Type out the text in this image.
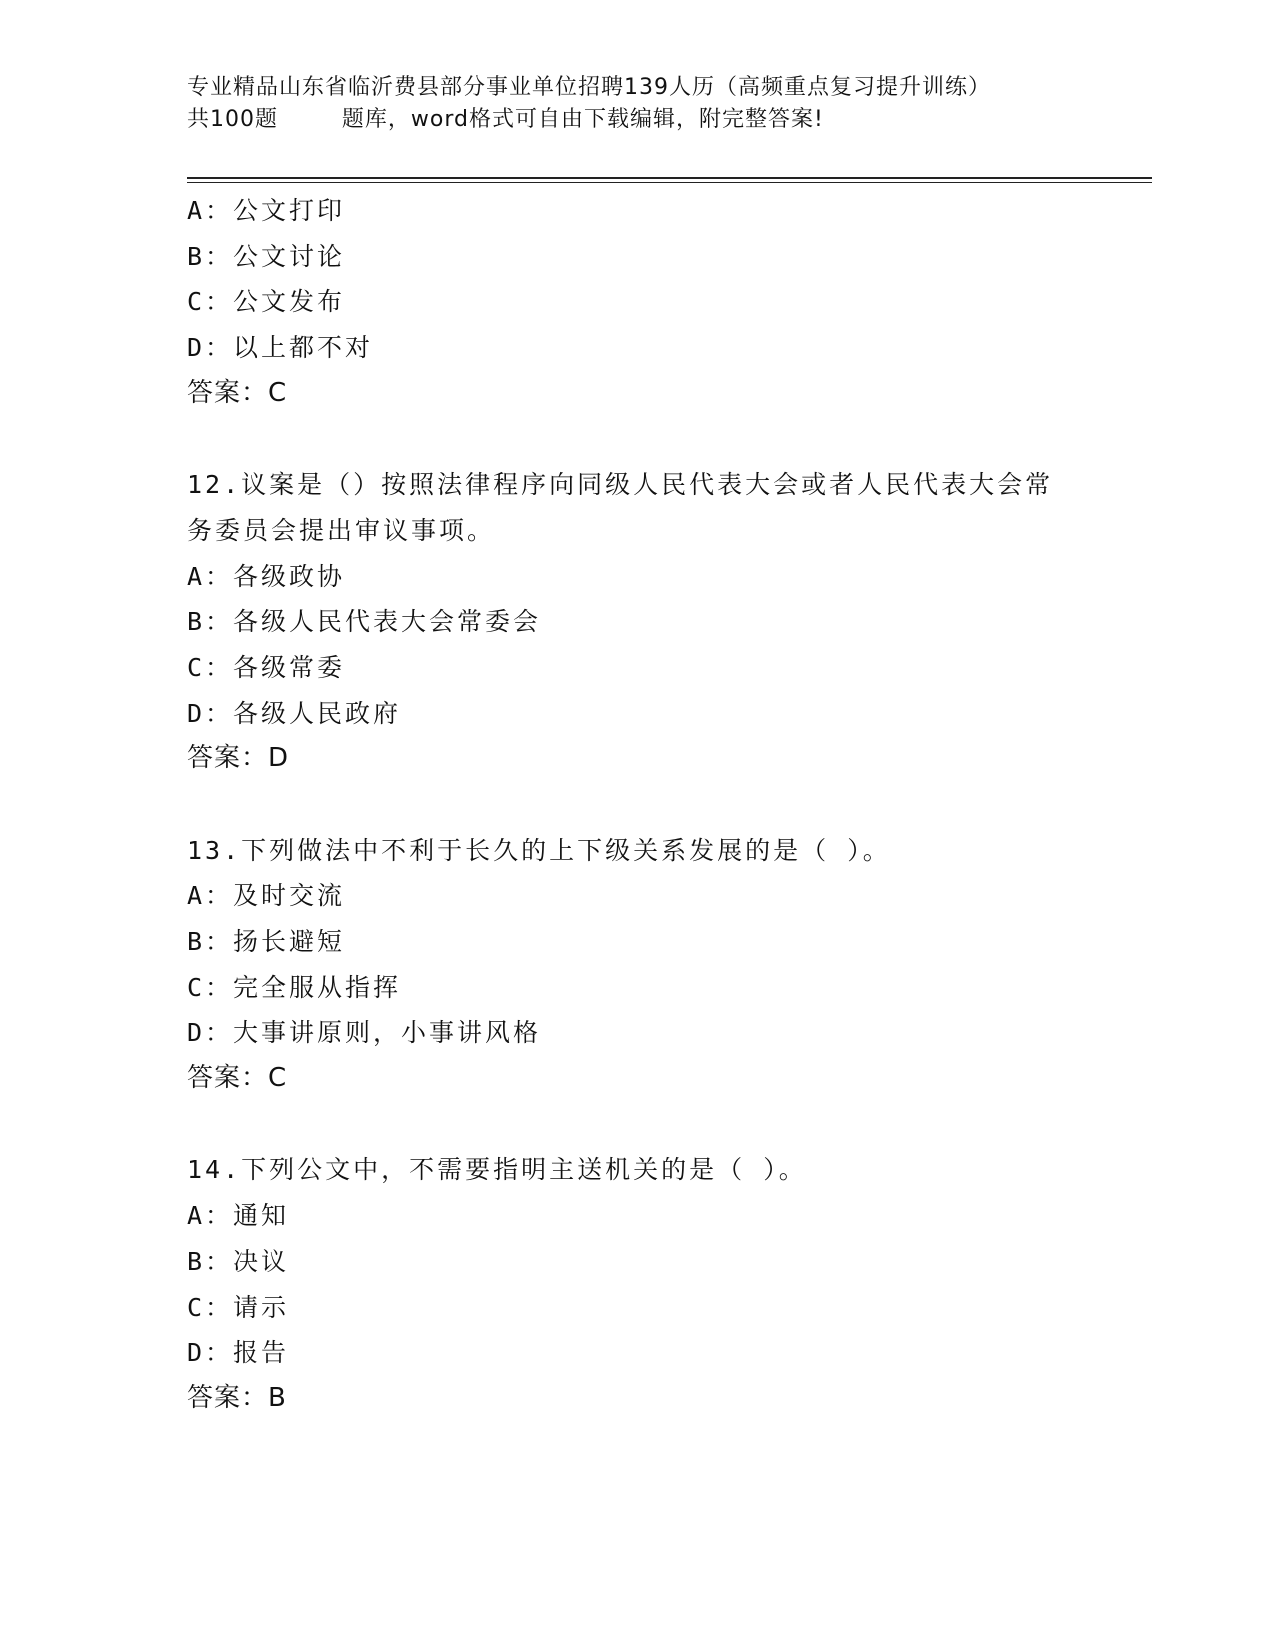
专业精品山东省临沂费县部分事业单位招聘139人历（高频重点复习提升训练）
共100题        题库，word格式可自由下载编辑，附完整答案!
A：公文打印
B：公文讨论
C：公文发布
D：以上都不对
答案：C
12.议案是（）按照法律程序向同级人民代表大会或者人民代表大会常
务委员会提出审议事项。
A：各级政协
B：各级人民代表大会常委会
C：各级常委
D：各级人民政府
答案：D
13.下列做法中不利于长久的上下级关系发展的是（ ）。
A：及时交流
B：扬长避短
C：完全服从指挥
D：大事讲原则，小事讲风格
答案：C
14.下列公文中，不需要指明主送机关的是（ ）。
A：通知
B：决议
C：请示
D：报告
答案：B
